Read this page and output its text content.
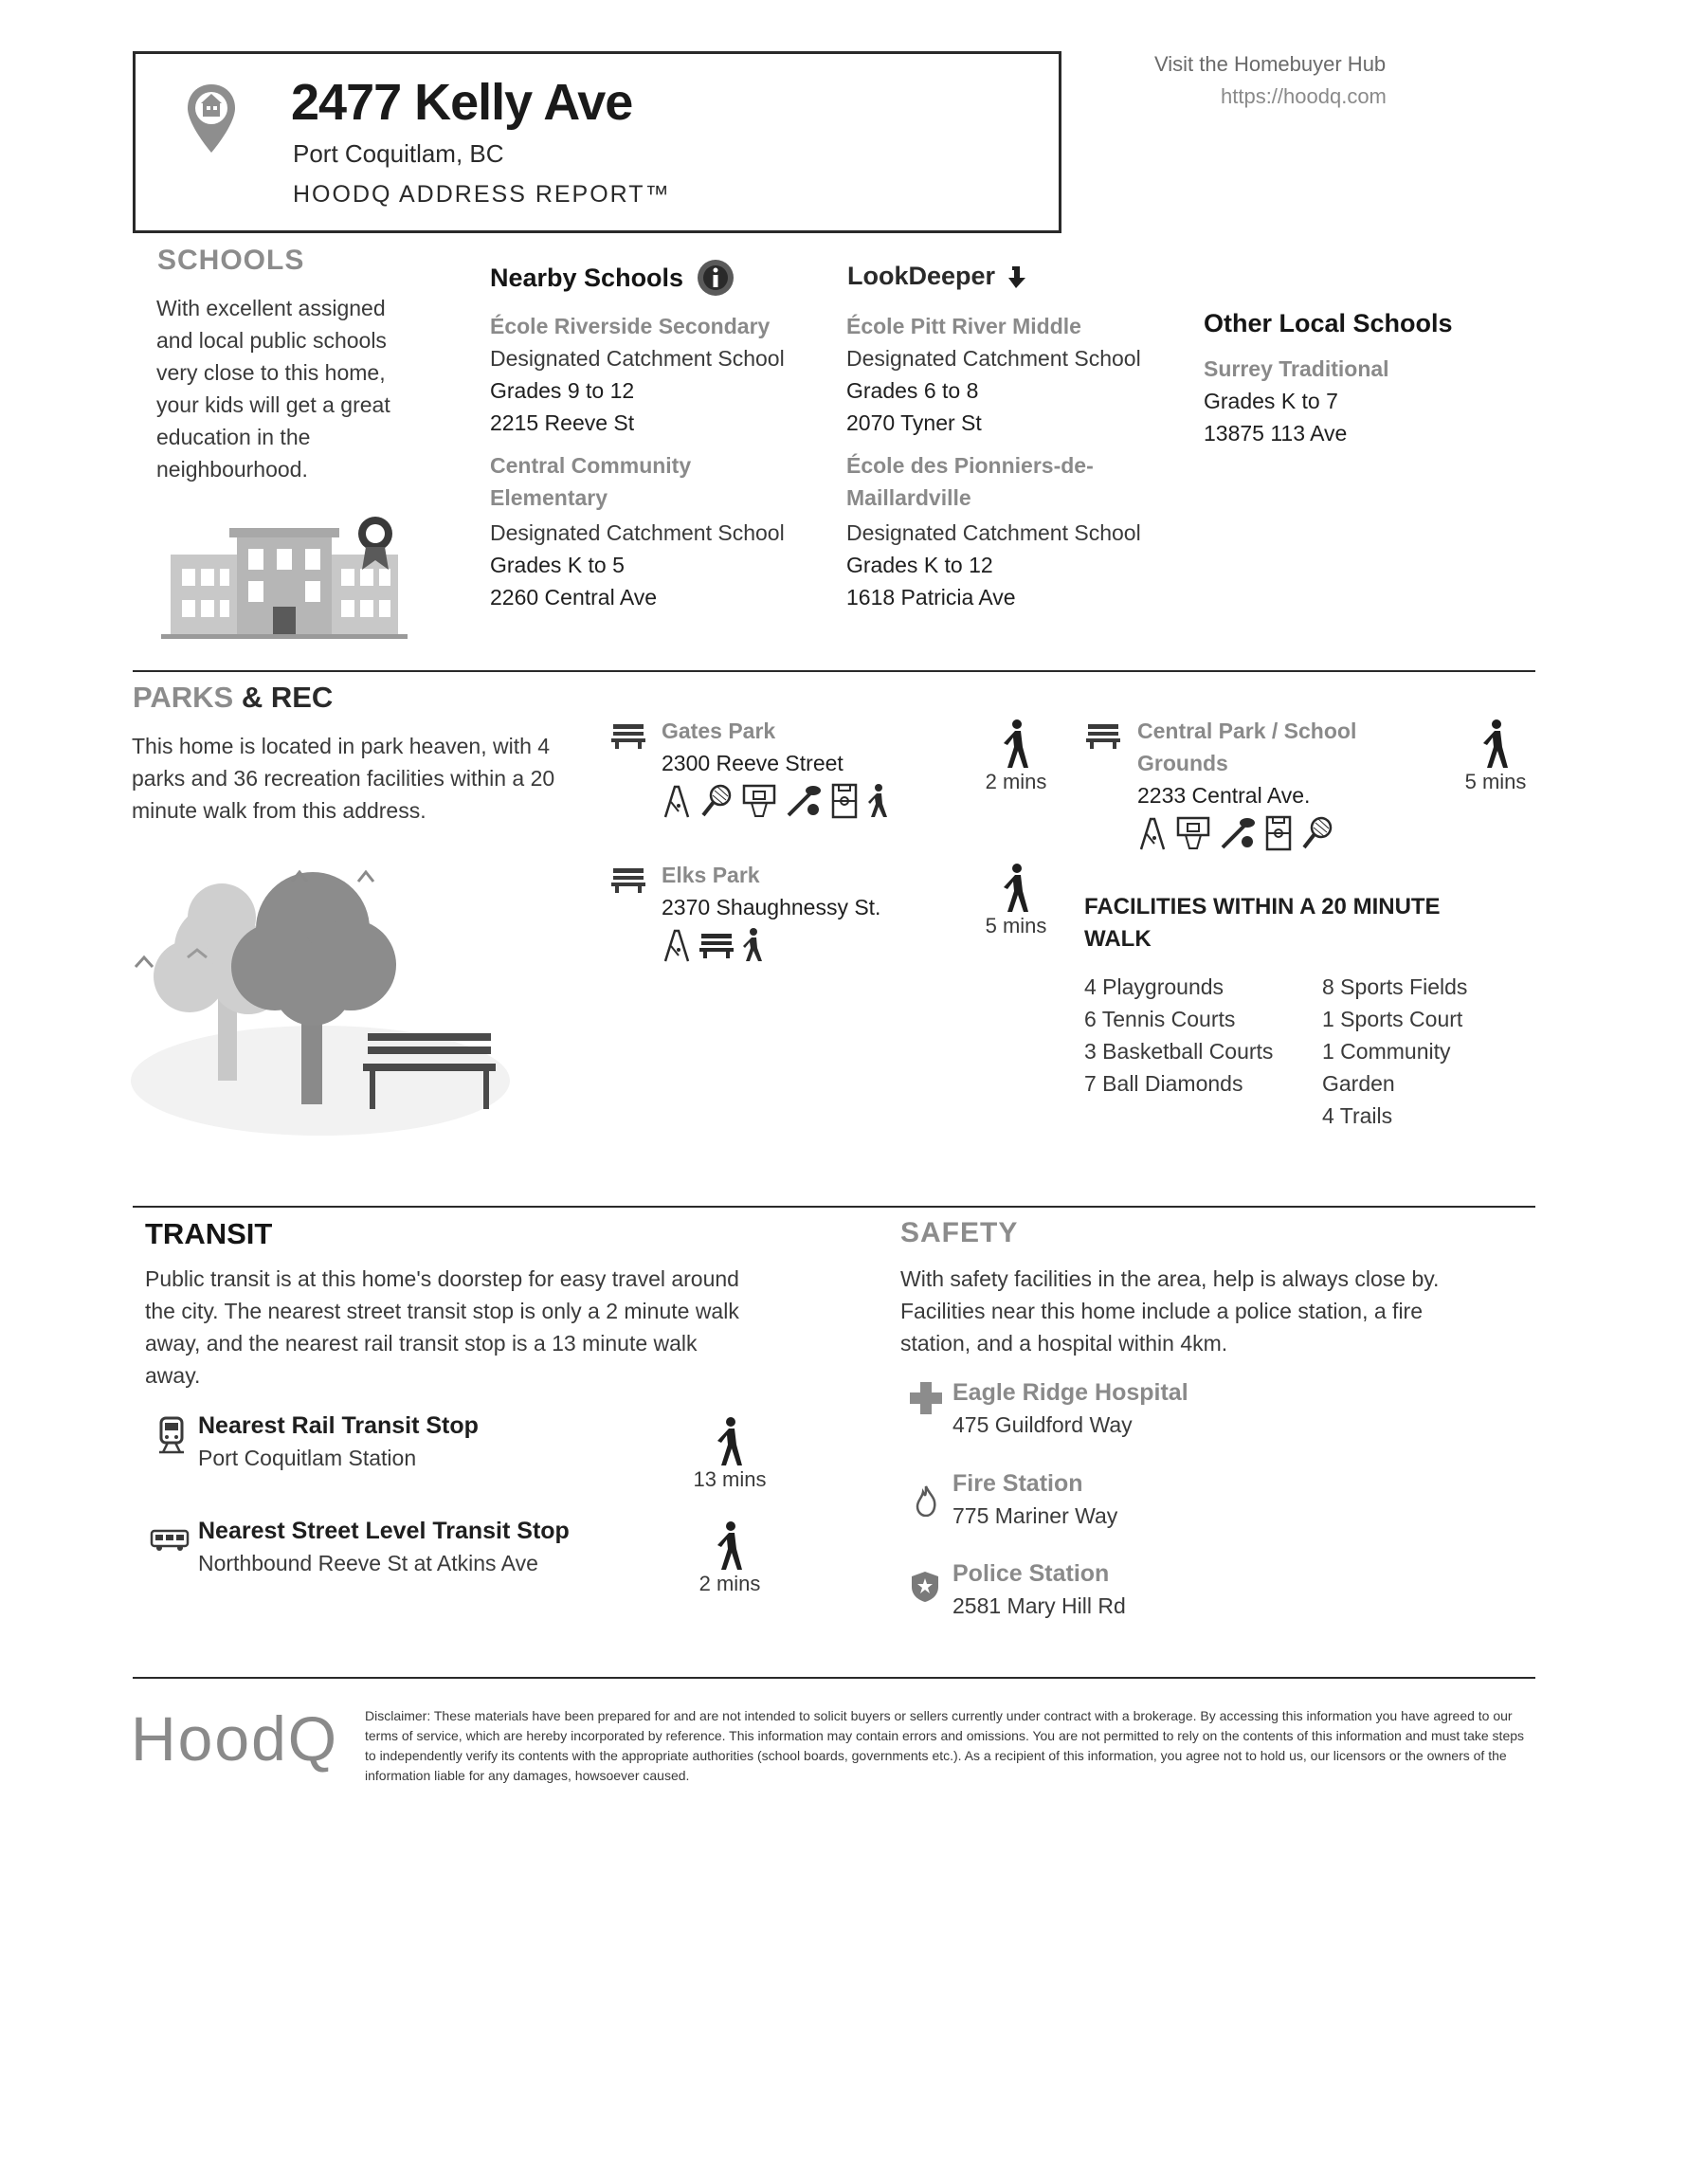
2477 Kelly Ave
Port Coquitlam, BC
HOODQ ADDRESS REPORT™
Visit the Homebuyer Hub
https://hoodq.com
SCHOOLS
With excellent assigned and local public schools very close to this home, your kids will get a great education in the neighbourhood.
Nearby Schools
École Riverside Secondary
Designated Catchment School
Grades 9 to 12
2215 Reeve St
Central Community Elementary
Designated Catchment School
Grades K to 5
2260 Central Ave
LookDeeper
École Pitt River Middle
Designated Catchment School
Grades 6 to 8
2070 Tyner St
École des Pionniers-de-Maillardville
Designated Catchment School
Grades K to 12
1618 Patricia Ave
Other Local Schools
Surrey Traditional
Grades K to 7
13875 113 Ave
PARKS & REC
This home is located in park heaven, with 4 parks and 36 recreation facilities within a 20 minute walk from this address.
Gates Park
2300 Reeve Street
2 mins
Elks Park
2370 Shaughnessy St.
5 mins
Central Park / School Grounds
2233 Central Ave.
5 mins
FACILITIES WITHIN A 20 MINUTE WALK
4 Playgrounds
6 Tennis Courts
3 Basketball Courts
7 Ball Diamonds
8 Sports Fields
1 Sports Court
1 Community Garden
4 Trails
TRANSIT
Public transit is at this home's doorstep for easy travel around the city. The nearest street transit stop is only a 2 minute walk away, and the nearest rail transit stop is a 13 minute walk away.
Nearest Rail Transit Stop
Port Coquitlam Station
13 mins
Nearest Street Level Transit Stop
Northbound Reeve St at Atkins Ave
2 mins
SAFETY
With safety facilities in the area, help is always close by. Facilities near this home include a police station, a fire station, and a hospital within 4km.
Eagle Ridge Hospital
475 Guildford Way
Fire Station
775 Mariner Way
Police Station
2581 Mary Hill Rd
HoodQ Disclaimer: These materials have been prepared for and are not intended to solicit buyers or sellers currently under contract with a brokerage. By accessing this information you have agreed to our terms of service, which are hereby incorporated by reference. This information may contain errors and omissions. You are not permitted to rely on the contents of this information and must take steps to independently verify its contents with the appropriate authorities (school boards, governments etc.). As a recipient of this information, you agree not to hold us, our licensors or the owners of the information liable for any damages, howsoever caused.
